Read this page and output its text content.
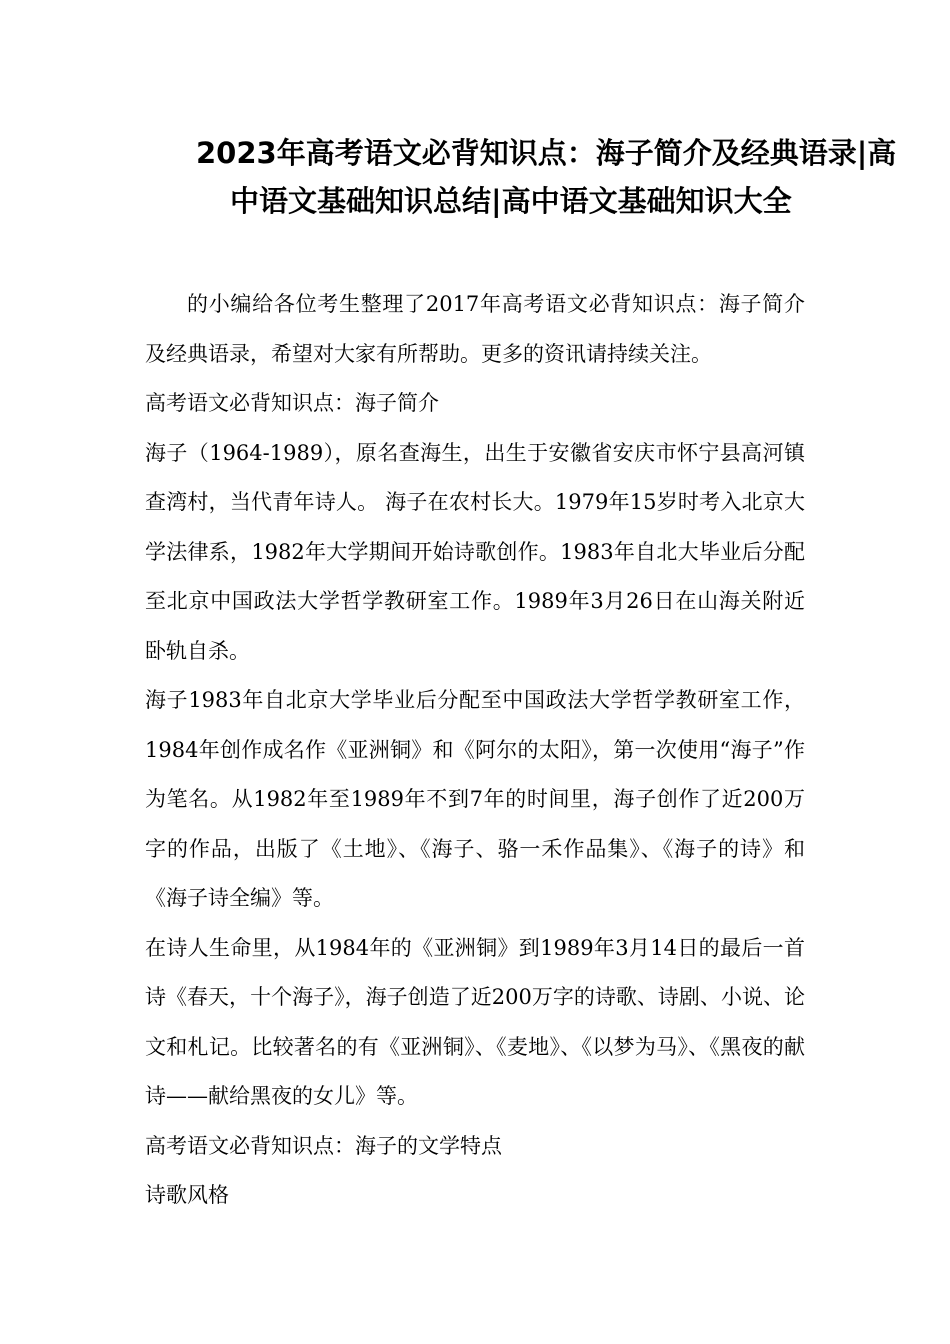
2023年高考语文必背知识点：海子简介及经典语录|高
中语文基础知识总结|高中语文基础知识大全

的小编给各位考生整理了2017年高考语文必背知识点：海子简介及经典语录，希望对大家有所帮助。更多的资讯请持续关注。

高考语文必背知识点：海子简介

海子（1964-1989），原名查海生，出生于安徽省安庆市怀宁县高河镇查湾村，当代青年诗人。 海子在农村长大。1979年15岁时考入北京大学法律系，1982年大学期间开始诗歌创作。1983年自北大毕业后分配至北京中国政法大学哲学教研室工作。1989年3月26日在山海关附近卧轨自杀。

海子1983年自北京大学毕业后分配至中国政法大学哲学教研室工作，1984年创作成名作《亚洲铜》和《阿尔的太阳》，第一次使用“海子”作为笔名。从1982年至1989年不到7年的时间里，海子创作了近200万字的作品，出版了《土地》、《海子、骆一禾作品集》、《海子的诗》和《海子诗全编》等。

在诗人生命里，从1984年的《亚洲铜》到1989年3月14日的最后一首诗《春天，十个海子》，海子创造了近200万字的诗歌、诗剧、小说、论文和札记。比较著名的有《亚洲铜》、《麦地》、《以梦为马》、《黑夜的献诗——献给黑夜的女儿》等。

高考语文必背知识点：海子的文学特点

诗歌风格
